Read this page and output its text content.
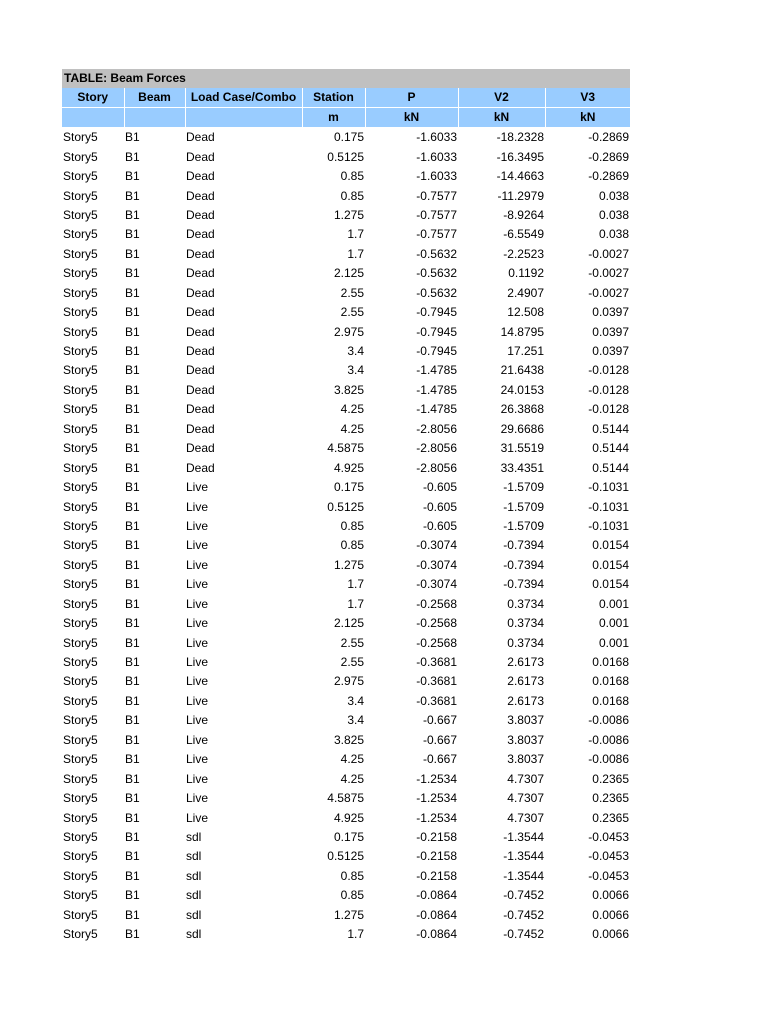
TABLE: Beam Forces
Story	Beam	Load Case/Combo	Station	P	V2	V3
			m	kN	kN	kN
Story5	B1	Dead	0.175	-1.6033	-18.2328	-0.2869
Story5	B1	Dead	0.5125	-1.6033	-16.3495	-0.2869
Story5	B1	Dead	0.85	-1.6033	-14.4663	-0.2869
Story5	B1	Dead	0.85	-0.7577	-11.2979	0.038
Story5	B1	Dead	1.275	-0.7577	-8.9264	0.038
Story5	B1	Dead	1.7	-0.7577	-6.5549	0.038
Story5	B1	Dead	1.7	-0.5632	-2.2523	-0.0027
Story5	B1	Dead	2.125	-0.5632	0.1192	-0.0027
Story5	B1	Dead	2.55	-0.5632	2.4907	-0.0027
Story5	B1	Dead	2.55	-0.7945	12.508	0.0397
Story5	B1	Dead	2.975	-0.7945	14.8795	0.0397
Story5	B1	Dead	3.4	-0.7945	17.251	0.0397
Story5	B1	Dead	3.4	-1.4785	21.6438	-0.0128
Story5	B1	Dead	3.825	-1.4785	24.0153	-0.0128
Story5	B1	Dead	4.25	-1.4785	26.3868	-0.0128
Story5	B1	Dead	4.25	-2.8056	29.6686	0.5144
Story5	B1	Dead	4.5875	-2.8056	31.5519	0.5144
Story5	B1	Dead	4.925	-2.8056	33.4351	0.5144
Story5	B1	Live	0.175	-0.605	-1.5709	-0.1031
Story5	B1	Live	0.5125	-0.605	-1.5709	-0.1031
Story5	B1	Live	0.85	-0.605	-1.5709	-0.1031
Story5	B1	Live	0.85	-0.3074	-0.7394	0.0154
Story5	B1	Live	1.275	-0.3074	-0.7394	0.0154
Story5	B1	Live	1.7	-0.3074	-0.7394	0.0154
Story5	B1	Live	1.7	-0.2568	0.3734	0.001
Story5	B1	Live	2.125	-0.2568	0.3734	0.001
Story5	B1	Live	2.55	-0.2568	0.3734	0.001
Story5	B1	Live	2.55	-0.3681	2.6173	0.0168
Story5	B1	Live	2.975	-0.3681	2.6173	0.0168
Story5	B1	Live	3.4	-0.3681	2.6173	0.0168
Story5	B1	Live	3.4	-0.667	3.8037	-0.0086
Story5	B1	Live	3.825	-0.667	3.8037	-0.0086
Story5	B1	Live	4.25	-0.667	3.8037	-0.0086
Story5	B1	Live	4.25	-1.2534	4.7307	0.2365
Story5	B1	Live	4.5875	-1.2534	4.7307	0.2365
Story5	B1	Live	4.925	-1.2534	4.7307	0.2365
Story5	B1	sdl	0.175	-0.2158	-1.3544	-0.0453
Story5	B1	sdl	0.5125	-0.2158	-1.3544	-0.0453
Story5	B1	sdl	0.85	-0.2158	-1.3544	-0.0453
Story5	B1	sdl	0.85	-0.0864	-0.7452	0.0066
Story5	B1	sdl	1.275	-0.0864	-0.7452	0.0066
Story5	B1	sdl	1.7	-0.0864	-0.7452	0.0066
